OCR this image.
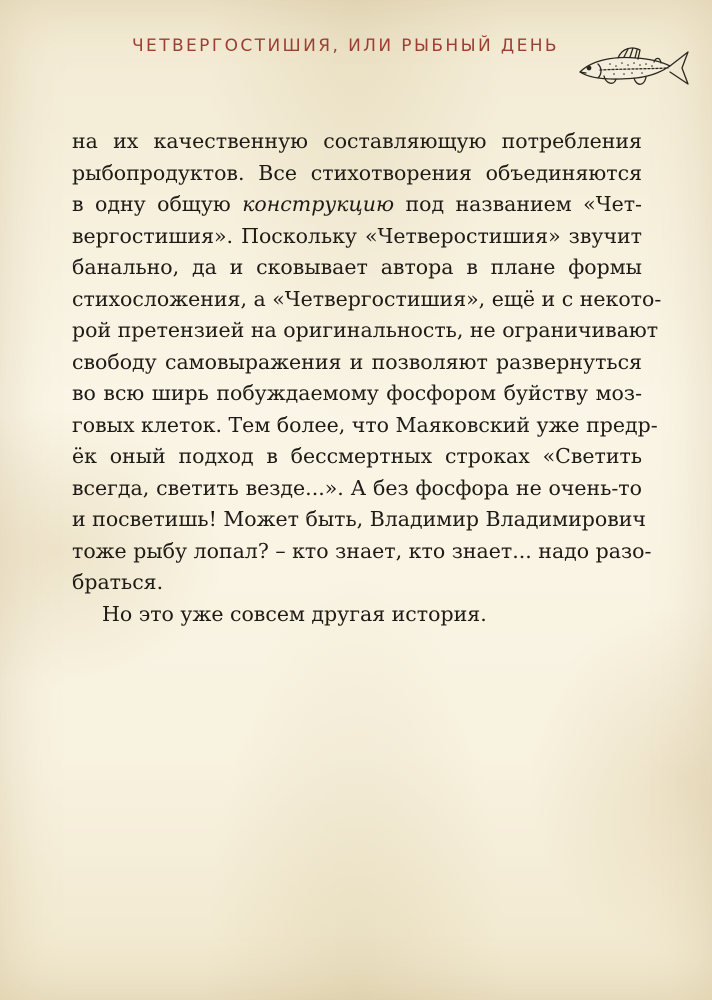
ЧЕТВЕРГОСТИШИЯ, ИЛИ РЫБНЫЙ ДЕНЬ

на их качественную составляющую потребления
рыбопродуктов. Все стихотворения объединяются
в одну общую конструкцию под названием «Чет-
вергостишия». Поскольку «Четверостишия» звучит
банально, да и сковывает автора в плане формы
стихосложения, а «Четвергостишия», ещё и с некото-
рой претензией на оригинальность, не ограничивают
свободу самовыражения и позволяют развернуться
во всю ширь побуждаемому фосфором буйству моз-
говых клеток. Тем более, что Маяковский уже предр-
ёк оный подход в бессмертных строках «Светить
всегда, светить везде...». А без фосфора не очень-то
и посветишь! Может быть, Владимир Владимирович
тоже рыбу лопал? – кто знает, кто знает... надо разо-
браться.

Но это уже совсем другая история.
